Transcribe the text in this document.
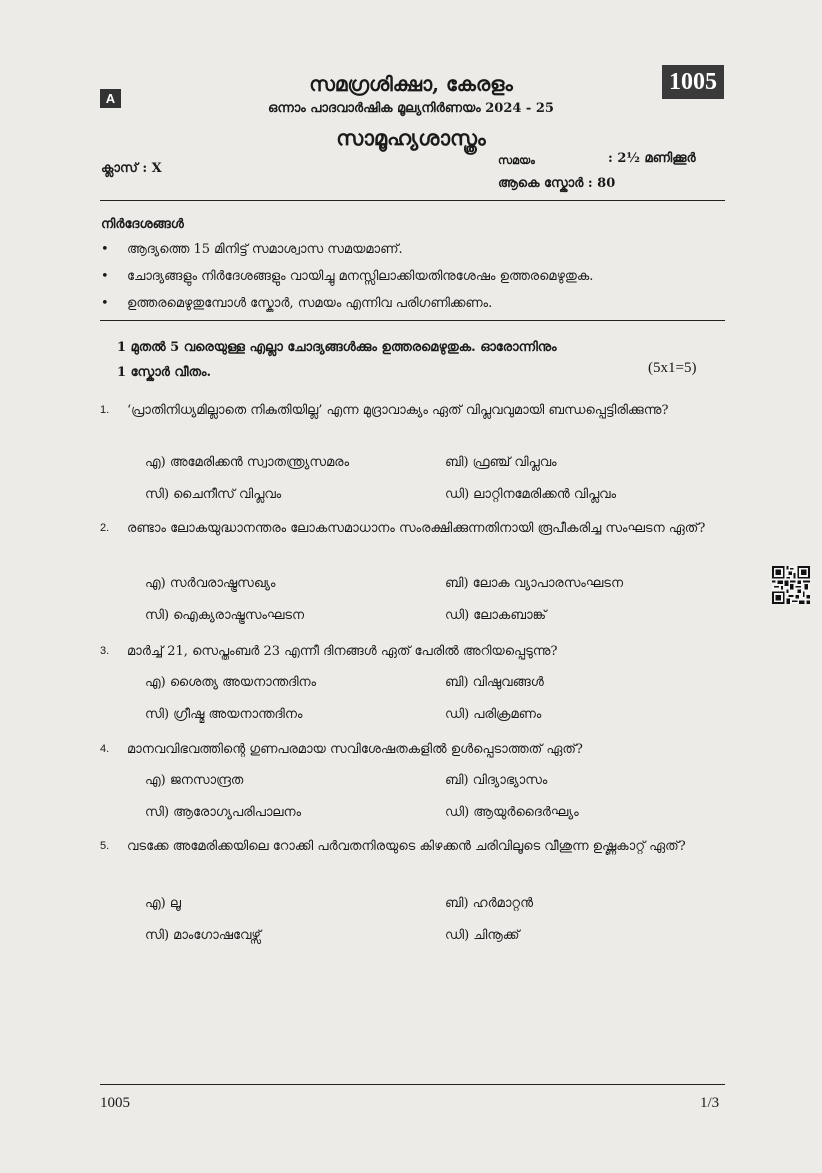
A
1005
സമഗ്രശിക്ഷാ, കേരളം
ഒന്നാം പാദവാർഷിക മൂല്യനിർണയം 2024 - 25
സാമൂഹ്യശാസ്ത്രം
ക്ലാസ് : X
സമയം	: 2½ മണിക്കൂർ
ആകെ സ്കോർ : 80
നിർദേശങ്ങൾ
• ആദ്യത്തെ 15 മിനിട്ട് സമാശ്വാസ സമയമാണ്.
• ചോദ്യങ്ങളും നിർദേശങ്ങളും വായിച്ചു മനസ്സിലാക്കിയതിനുശേഷം ഉത്തരമെഴുതുക.
• ഉത്തരമെഴുതുമ്പോൾ സ്കോർ, സമയം എന്നിവ പരിഗണിക്കണം.
1 മുതൽ 5 വരെയുള്ള എല്ലാ ചോദ്യങ്ങൾക്കും ഉത്തരമെഴുതുക. ഓരോന്നിനും
1 സ്കോർ വീതം.	(5x1=5)
1.	‘പ്രാതിനിധ്യമില്ലാതെ നികുതിയില്ല’ എന്ന മുദ്രാവാക്യം ഏത് വിപ്ലവവുമായി ബന്ധപ്പെട്ടിരിക്കുന്നു?
എ) അമേരിക്കൻ സ്വാതന്ത്ര്യസമരം	ബി) ഫ്രഞ്ച് വിപ്ലവം
സി) ചൈനീസ് വിപ്ലവം	ഡി) ലാറ്റിനമേരിക്കൻ വിപ്ലവം
2.	രണ്ടാം ലോകയുദ്ധാനന്തരം ലോകസമാധാനം സംരക്ഷിക്കുന്നതിനായി രൂപീകരിച്ച സംഘടന ഏത്?
എ) സർവരാഷ്ട്രസഖ്യം	ബി) ലോക വ്യാപാരസംഘടന
സി) ഐക്യരാഷ്ട്രസംഘടന	ഡി) ലോകബാങ്ക്
3.	മാർച്ച് 21, സെപ്തംബർ 23 എന്നീ ദിനങ്ങൾ ഏത് പേരിൽ അറിയപ്പെടുന്നു?
എ) ശൈത്യ അയനാന്തദിനം	ബി) വിഷുവങ്ങൾ
സി) ഗ്രീഷ്മ അയനാന്തദിനം	ഡി) പരിക്രമണം
4.	മാനവവിഭവത്തിന്റെ ഗുണപരമായ സവിശേഷതകളിൽ ഉൾപ്പെടാത്തത് ഏത്?
എ) ജനസാന്ദ്രത	ബി) വിദ്യാഭ്യാസം
സി) ആരോഗ്യപരിപാലനം	ഡി) ആയുർദൈർഘ്യം
5.	വടക്കേ അമേരിക്കയിലെ റോക്കി പർവതനിരയുടെ കിഴക്കൻ ചരിവിലൂടെ വീശുന്ന ഉഷ്ണകാറ്റ് ഏത്?
എ) ലൂ	ബി) ഹർമാറ്റൻ
സി) മാംഗോഷവേഴ്സ്	ഡി) ചിനൂക്ക്
1005	1/3
